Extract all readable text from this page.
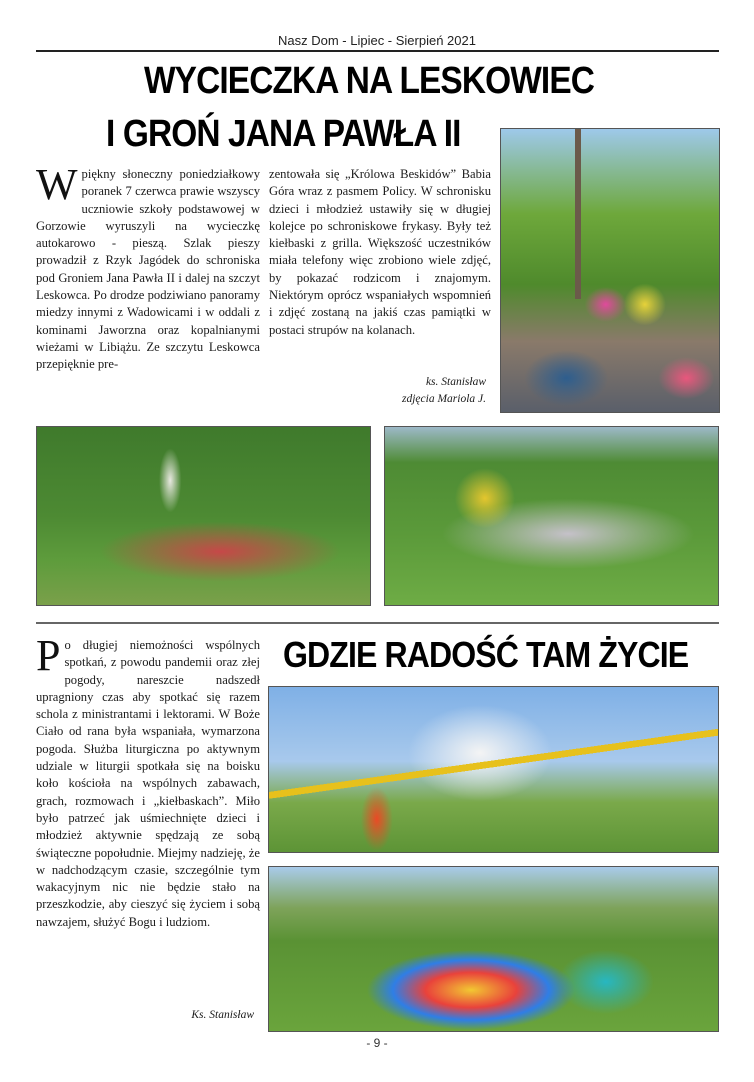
Nasz Dom - Lipiec - Sierpień 2021
WYCIECZKA NA LESKOWIEC
I GROŃ JANA PAWŁA II
W piękny słoneczny poniedziałkowy poranek 7 czerwca prawie wszyscy uczniowie szkoły podstawowej w Gorzowie wyruszyli na wycieczkę autokarowo - pieszą. Szlak pieszy prowadził z Rzyk Jagódek do schroniska pod Groniem Jana Pawła II i dalej na szczyt Leskowca. Po drodze podziwiano panoramy miedzy innymi z Wadowicami i w oddali z kominami Jaworzna oraz kopalnianymi wieżami w Libiążu. Ze szczytu Leskowca przepięknie pre-

zentowała się „Królowa Beskidów” Babia Góra wraz z pasmem Policy. W schronisku dzieci i młodzież ustawiły się w długiej kolejce po schroniskowe frykasy. Były też kiełbaski z grilla. Większość uczestników miała telefony więc zrobiono wiele zdjęć, by pokazać rodzicom i znajomym. Niektórym oprócz wspaniałych wspomnień i zdjęć zostaną na jakiś czas pamiątki w postaci strupów na kolanach.

ks. Stanisław
zdjęcia Mariola J.
GDZIE RADOŚĆ TAM ŻYCIE
P o długiej niemożności wspólnych spotkań, z powodu pandemii oraz złej pogody, nareszcie nadszedł upragniony czas aby spotkać się razem schola z ministrantami i lektorami. W Boże Ciało od rana była wspaniała, wymarzona pogoda. Służba liturgiczna po aktywnym udziale w liturgii spotkała się na boisku koło kościoła na wspólnych zabawach, grach, rozmowach i „kiełbaskach”. Miło było patrzeć jak uśmiechnięte dzieci i młodzież aktywnie spędzają ze sobą świąteczne popołudnie. Miejmy nadzieję, że w nadchodzącym czasie, szczególnie tym wakacyjnym nic nie będzie stało na przeszkodzie, aby cieszyć się życiem i sobą nawzajem, służyć Bogu i ludziom.

Ks. Stanisław
- 9 -
